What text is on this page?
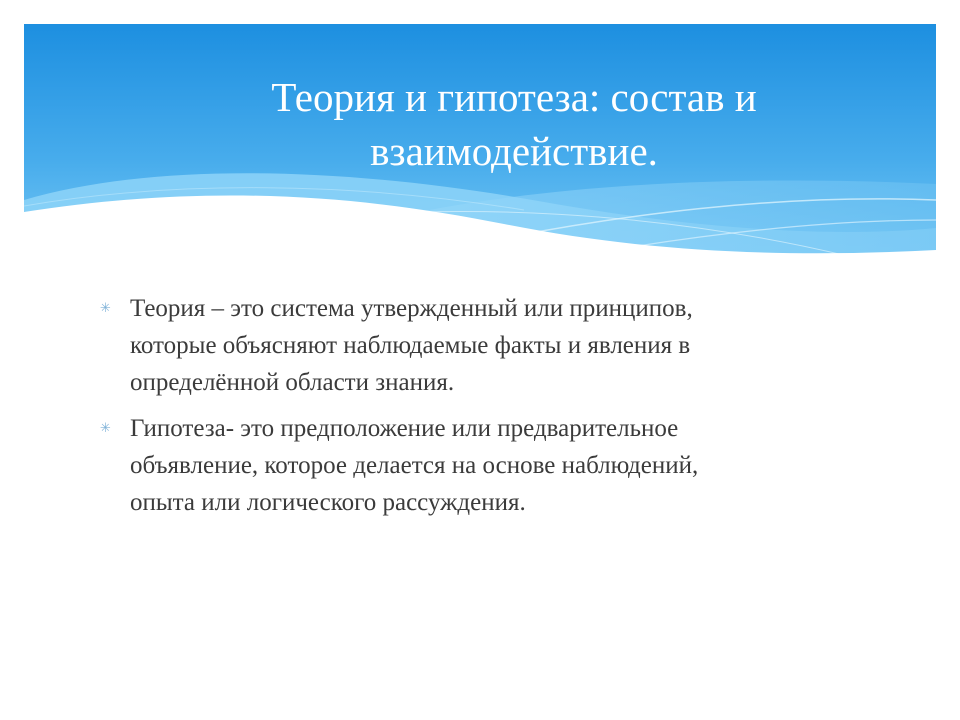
Теория и гипотеза: состав и
взаимодействие.
✳ Теория – это система утвержденный или принципов,
которые объясняют наблюдаемые факты и явления в
определённой области знания.
✳ Гипотеза- это предположение или предварительное
объявление, которое делается на основе наблюдений,
опыта или логического рассуждения.
